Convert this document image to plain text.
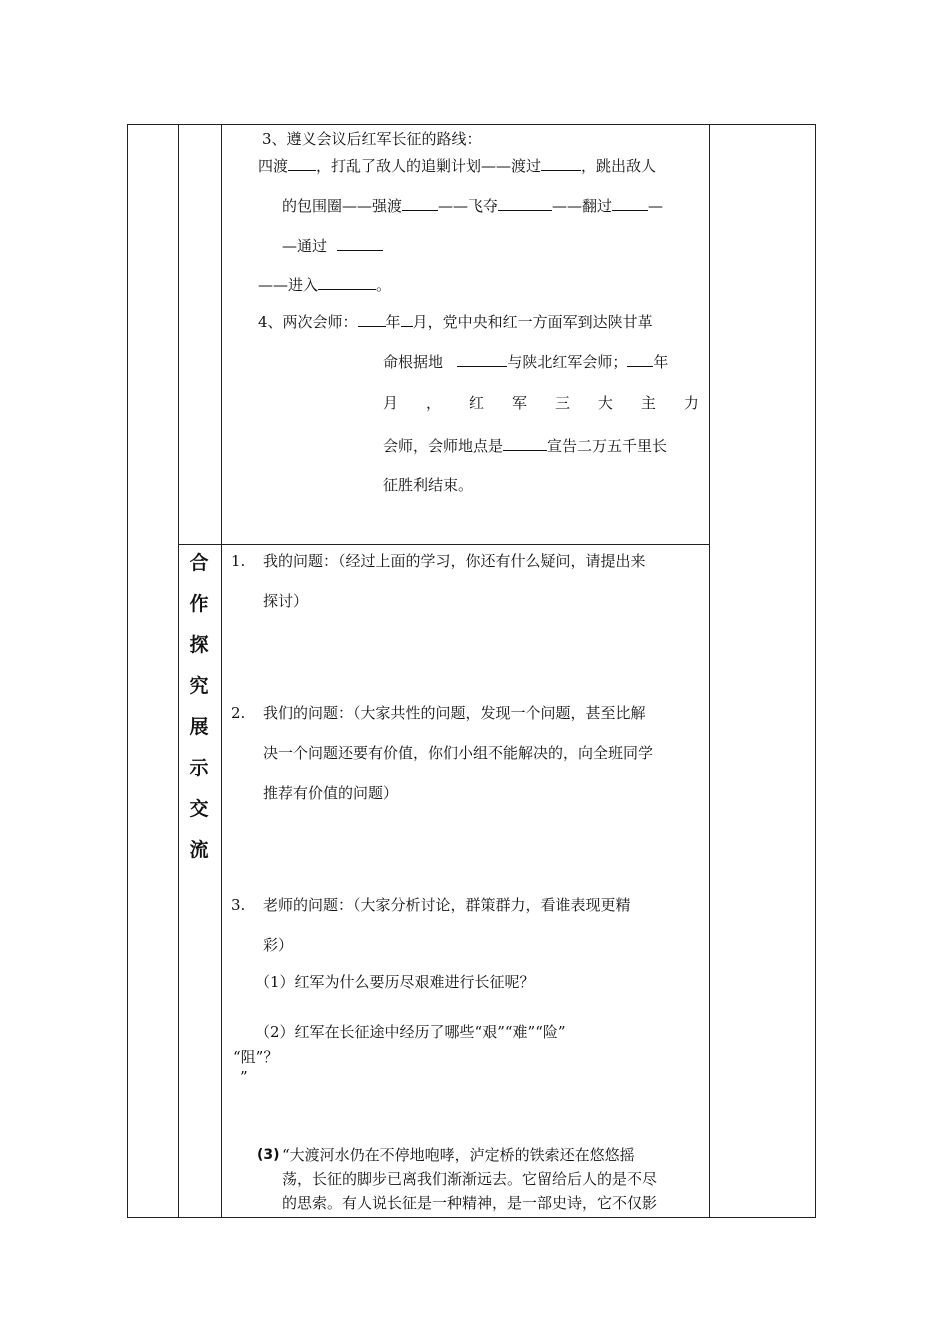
3、遵义会议后红军长征的路线：
四渡 ，打乱了敌人的追剿计划——渡过	，跳出敌人
的包围圈——强渡 ——飞夺	——翻过 —
—通过
——进入	。
4、两次会师： 年 月，党中央和红一方面军到达陕甘革
命根据地	与陕北红军会师； 年
月 ， 红 军 三 大 主 力
会师，会师地点是	宣告二万五千里长
征胜利结束。
合
作
探
究
展
示
交
流
1. 我的问题：（经过上面的学习，你还有什么疑问，请提出来
探讨）
2. 我们的问题：（大家共性的问题，发现一个问题，甚至比解
决一个问题还要有价值，你们小组不能解决的，向全班同学
推荐有价值的问题）
3. 老师的问题：（大家分析讨论，群策群力，看谁表现更精
彩）
（1）红军为什么要历尽艰难进行长征呢？
（2）红军在长征途中经历了哪些“艰”“难”“险”
“阻”？
”
(3) “大渡河水仍在不停地咆哮，泸定桥的铁索还在悠悠摇
荡，长征的脚步已离我们渐渐远去。它留给后人的是不尽
的思索。有人说长征是一种精神，是一部史诗，它不仅影
